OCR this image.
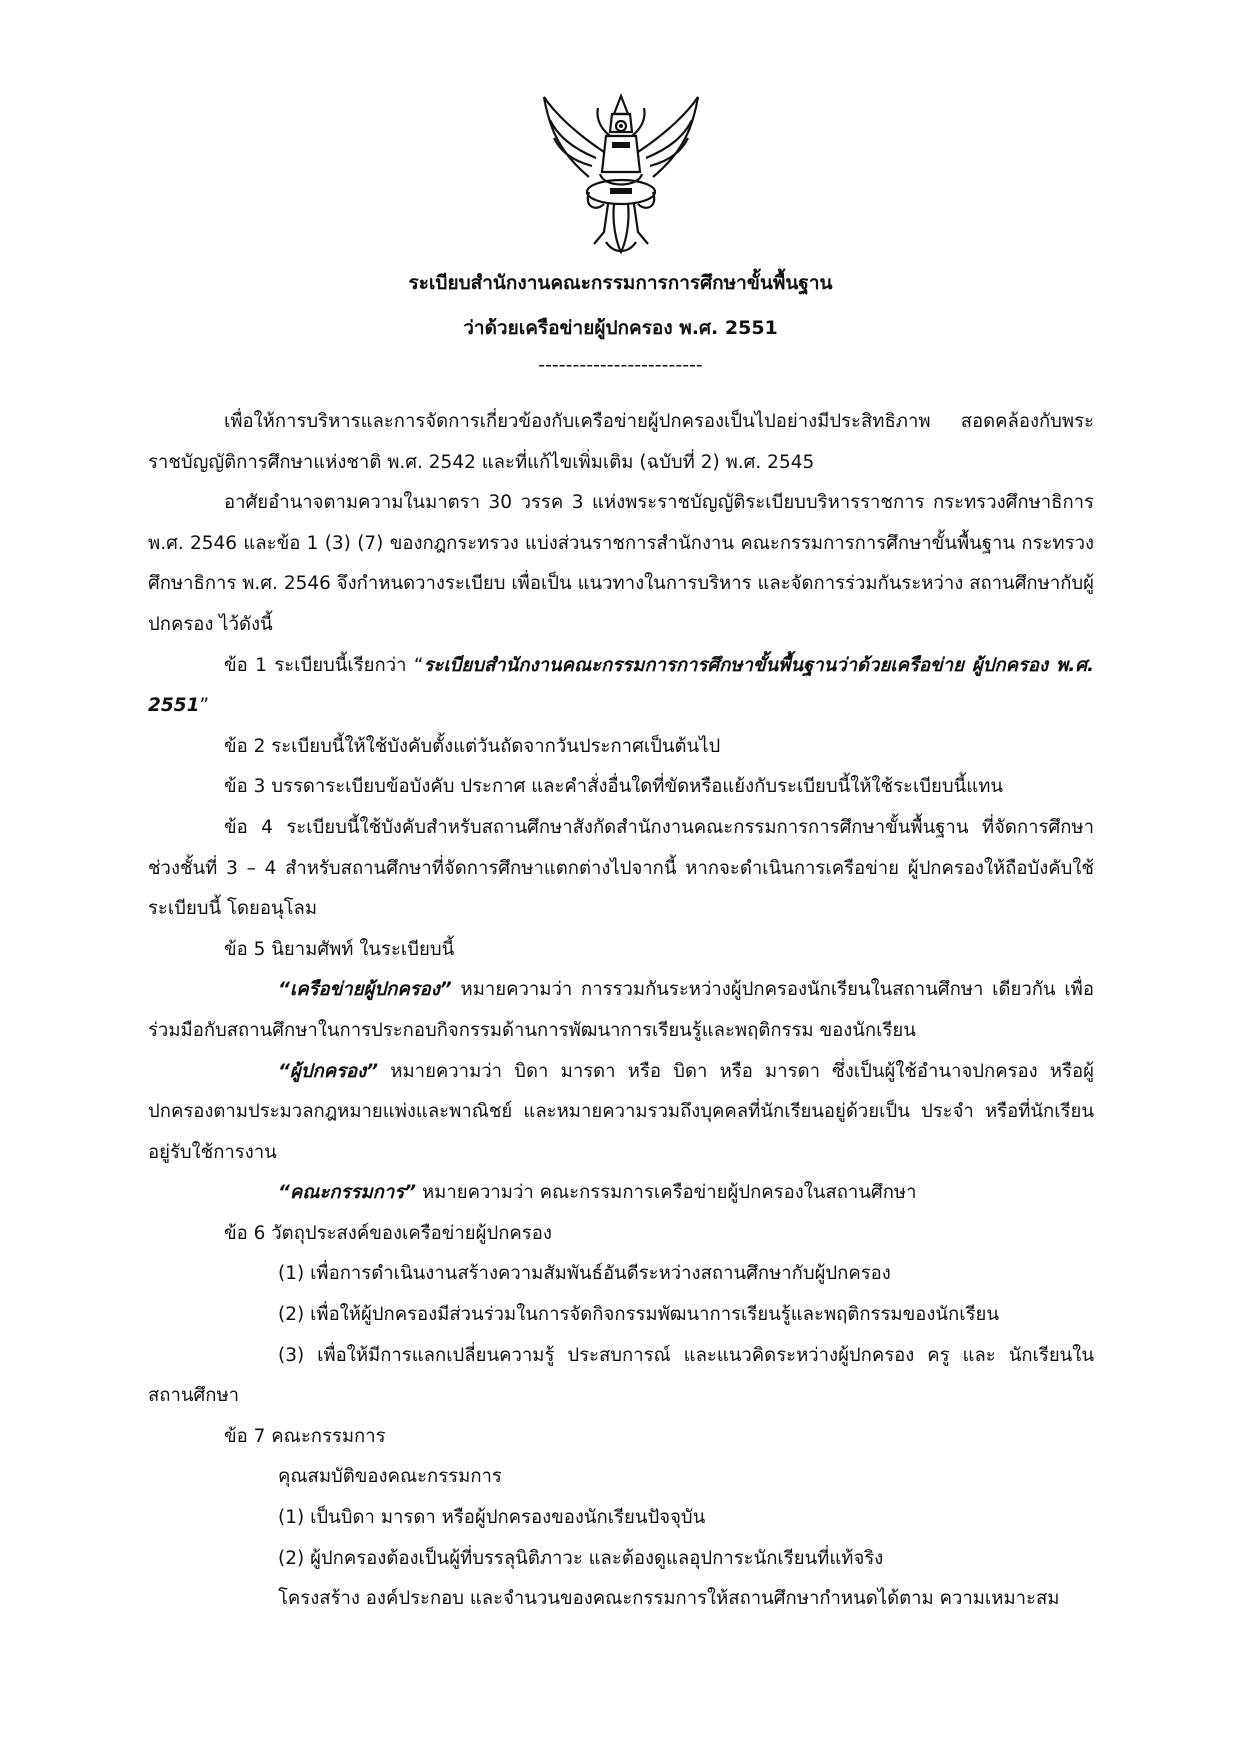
ระเบียบสำนักงานคณะกรรมการการศึกษาขั้นพื้นฐาน
ว่าด้วยเครือข่ายผู้ปกครอง พ.ศ. 2551
------------------------

เพื่อให้การบริหารและการจัดการเกี่ยวข้องกับเครือข่ายผู้ปกครองเป็นไปอย่างมีประสิทธิภาพ สอดคล้องกับพระราชบัญญัติการศึกษาแห่งชาติ พ.ศ. 2542 และที่แก้ไขเพิ่มเติม (ฉบับที่ 2) พ.ศ. 2545

อาศัยอำนาจตามความในมาตรา 30 วรรค 3 แห่งพระราชบัญญัติระเบียบบริหารราชการ กระทรวงศึกษาธิการ พ.ศ. 2546 และข้อ 1 (3) (7) ของกฎกระทรวง แบ่งส่วนราชการสำนักงาน คณะกรรมการการศึกษาขั้นพื้นฐาน กระทรวงศึกษาธิการ พ.ศ. 2546 จึงกำหนดวางระเบียบ เพื่อเป็น แนวทางในการบริหาร และจัดการร่วมกันระหว่าง สถานศึกษากับผู้ปกครอง ไว้ดังนี้

ข้อ 1 ระเบียบนี้เรียกว่า “ระเบียบสำนักงานคณะกรรมการการศึกษาขั้นพื้นฐานว่าด้วยเครือข่าย ผู้ปกครอง พ.ศ. 2551”

ข้อ 2 ระเบียบนี้ให้ใช้บังคับตั้งแต่วันถัดจากวันประกาศเป็นต้นไป

ข้อ 3 บรรดาระเบียบข้อบังคับ ประกาศ และคำสั่งอื่นใดที่ขัดหรือแย้งกับระเบียบนี้ให้ใช้ระเบียบนี้แทน

ข้อ 4 ระเบียบนี้ใช้บังคับสำหรับสถานศึกษาสังกัดสำนักงานคณะกรรมการการศึกษาขั้นพื้นฐาน ที่จัดการศึกษาช่วงชั้นที่ 3 – 4 สำหรับสถานศึกษาที่จัดการศึกษาแตกต่างไปจากนี้ หากจะดำเนินการเครือข่าย ผู้ปกครองให้ถือบังคับใช้ระเบียบนี้ โดยอนุโลม

ข้อ 5 นิยามศัพท์ ในระเบียบนี้

“เครือข่ายผู้ปกครอง” หมายความว่า การรวมกันระหว่างผู้ปกครองนักเรียนในสถานศึกษา เดียวกัน เพื่อร่วมมือกับสถานศึกษาในการประกอบกิจกรรมด้านการพัฒนาการเรียนรู้และพฤติกรรม ของนักเรียน

“ผู้ปกครอง” หมายความว่า บิดา มารดา หรือ บิดา หรือ มารดา ซึ่งเป็นผู้ใช้อำนาจปกครอง หรือผู้ปกครองตามประมวลกฎหมายแพ่งและพาณิชย์ และหมายความรวมถึงบุคคลที่นักเรียนอยู่ด้วยเป็น ประจำ หรือที่นักเรียนอยู่รับใช้การงาน

“คณะกรรมการ” หมายความว่า คณะกรรมการเครือข่ายผู้ปกครองในสถานศึกษา

ข้อ 6 วัตถุประสงค์ของเครือข่ายผู้ปกครอง

(1) เพื่อการดำเนินงานสร้างความสัมพันธ์อันดีระหว่างสถานศึกษากับผู้ปกครอง

(2) เพื่อให้ผู้ปกครองมีส่วนร่วมในการจัดกิจกรรมพัฒนาการเรียนรู้และพฤติกรรมของนักเรียน

(3) เพื่อให้มีการแลกเปลี่ยนความรู้ ประสบการณ์ และแนวคิดระหว่างผู้ปกครอง ครู และ นักเรียนในสถานศึกษา

ข้อ 7 คณะกรรมการ

คุณสมบัติของคณะกรรมการ

(1) เป็นบิดา มารดา หรือผู้ปกครองของนักเรียนปัจจุบัน

(2) ผู้ปกครองต้องเป็นผู้ที่บรรลุนิติภาวะ และต้องดูแลอุปการะนักเรียนที่แท้จริง

โครงสร้าง องค์ประกอบ และจำนวนของคณะกรรมการให้สถานศึกษากำหนดได้ตาม ความเหมาะสม
